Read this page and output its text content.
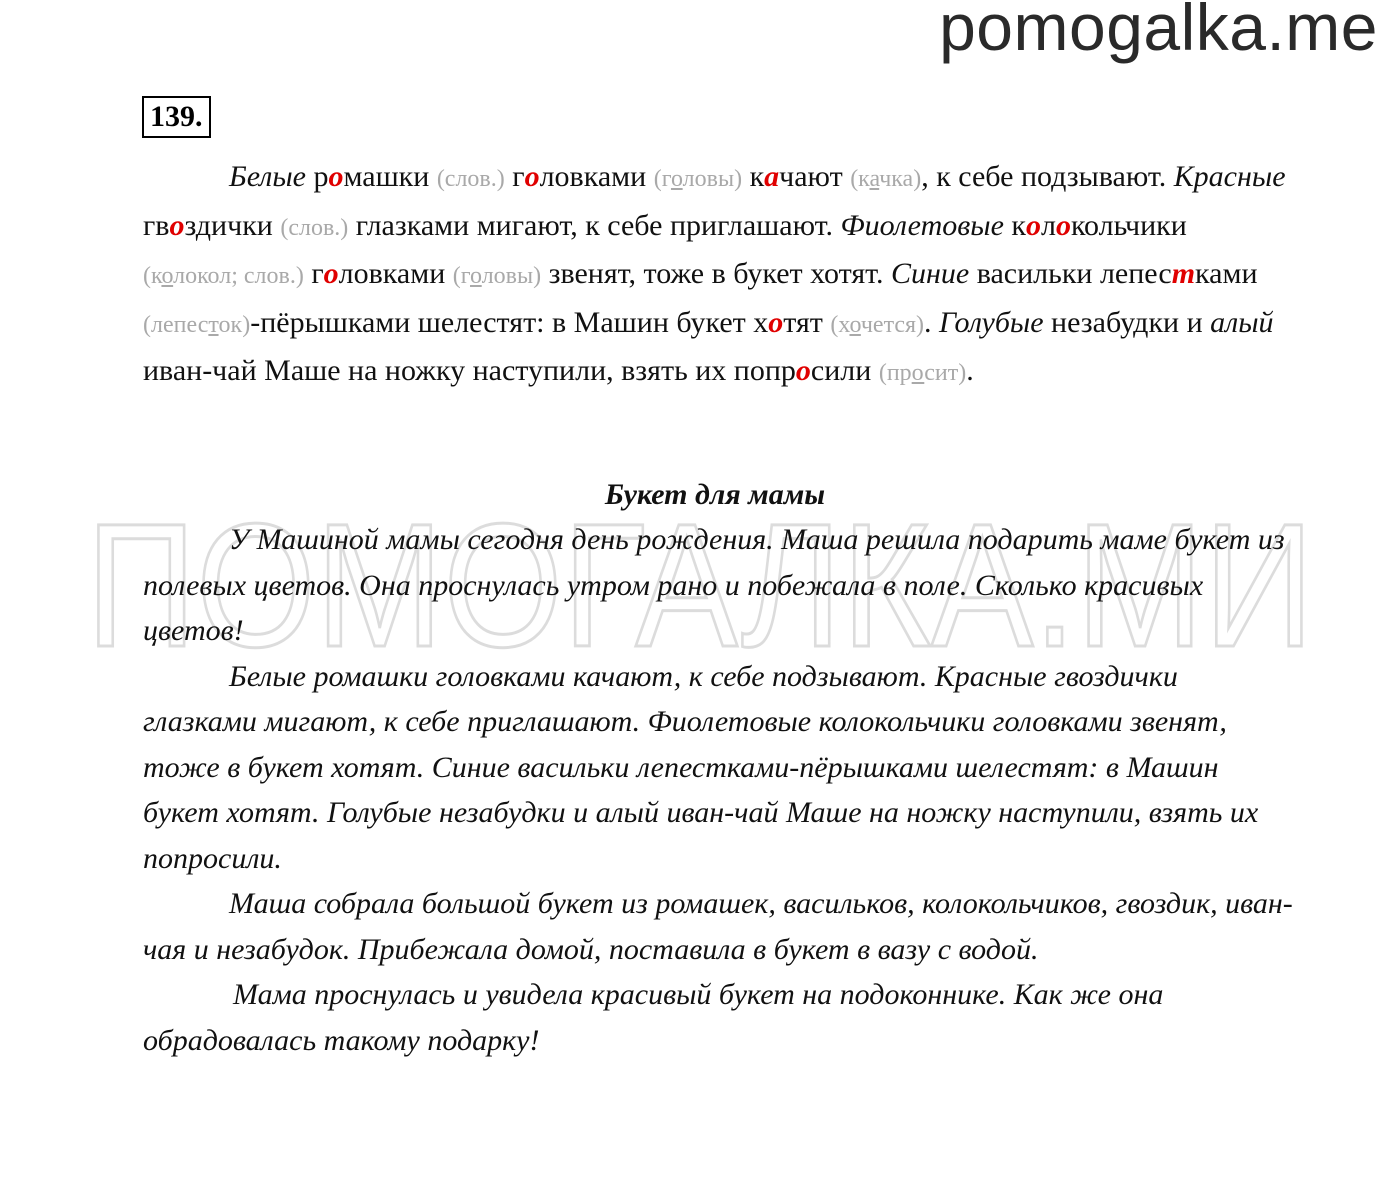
pomogalka.me
ПОМОГАЛКА.МИ
139.

Белые ромашки (слов.) головками (головы) качают (качка), к себе подзывают. Красные гвоздички (слов.) глазками мигают, к себе приглашают. Фиолетовые колокольчики (колокол; слов.) головками (головы) звенят, тоже в букет хотят. Синие васильки лепестками (лепесток)-пёрышками шелестят: в Машин букет хотят (хочется). Голубые незабудки и алый иван-чай Маше на ножку наступили, взять их попросили (просит).

Букет для мамы

У Машиной мамы сегодня день рождения. Маша решила подарить маме букет из полевых цветов. Она проснулась утром рано и побежала в поле. Сколько красивых цветов!

Белые ромашки головками качают, к себе подзывают. Красные гвоздички глазками мигают, к себе приглашают. Фиолетовые колокольчики головками звенят, тоже в букет хотят. Синие васильки лепестками-пёрышками шелестят: в Машин букет хотят. Голубые незабудки и алый иван-чай Маше на ножку наступили, взять их попросили.

Маша собрала большой букет из ромашек, васильков, колокольчиков, гвоздик, иван-чая и незабудок. Прибежала домой, поставила в букет в вазу с водой.

Мама проснулась и увидела красивый букет на подоконнике. Как же она обрадовалась такому подарку!
